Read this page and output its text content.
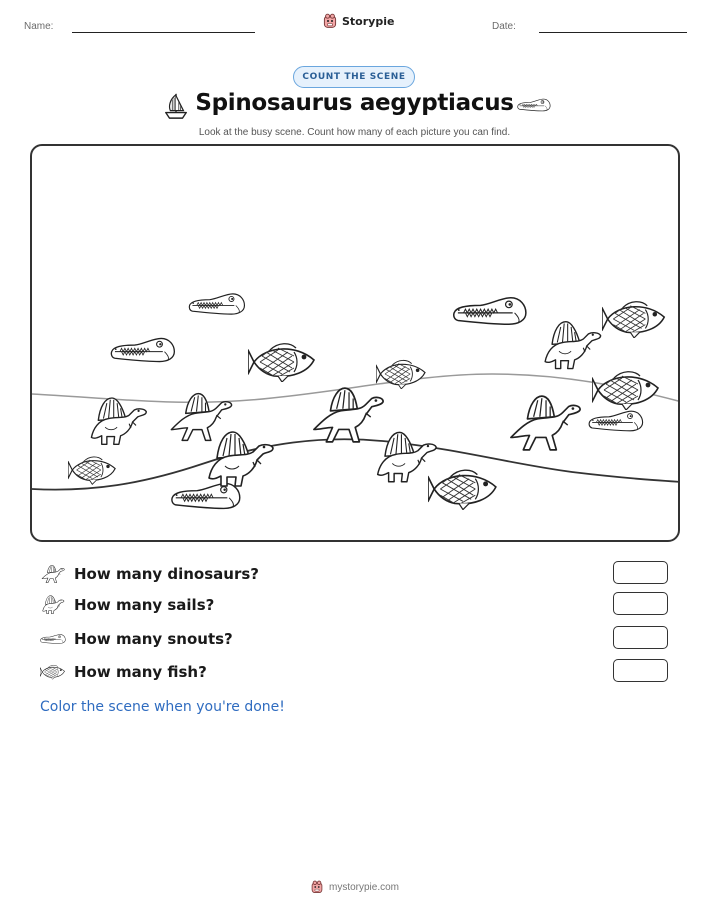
Name:	Storypie	Date:
COUNT THE SCENE
Spinosaurus aegyptiacus
Look at the busy scene. Count how many of each picture you can find.
How many dinosaurs?
How many sails?
How many snouts?
How many fish?
Color the scene when you're done!
mystorypie.com
